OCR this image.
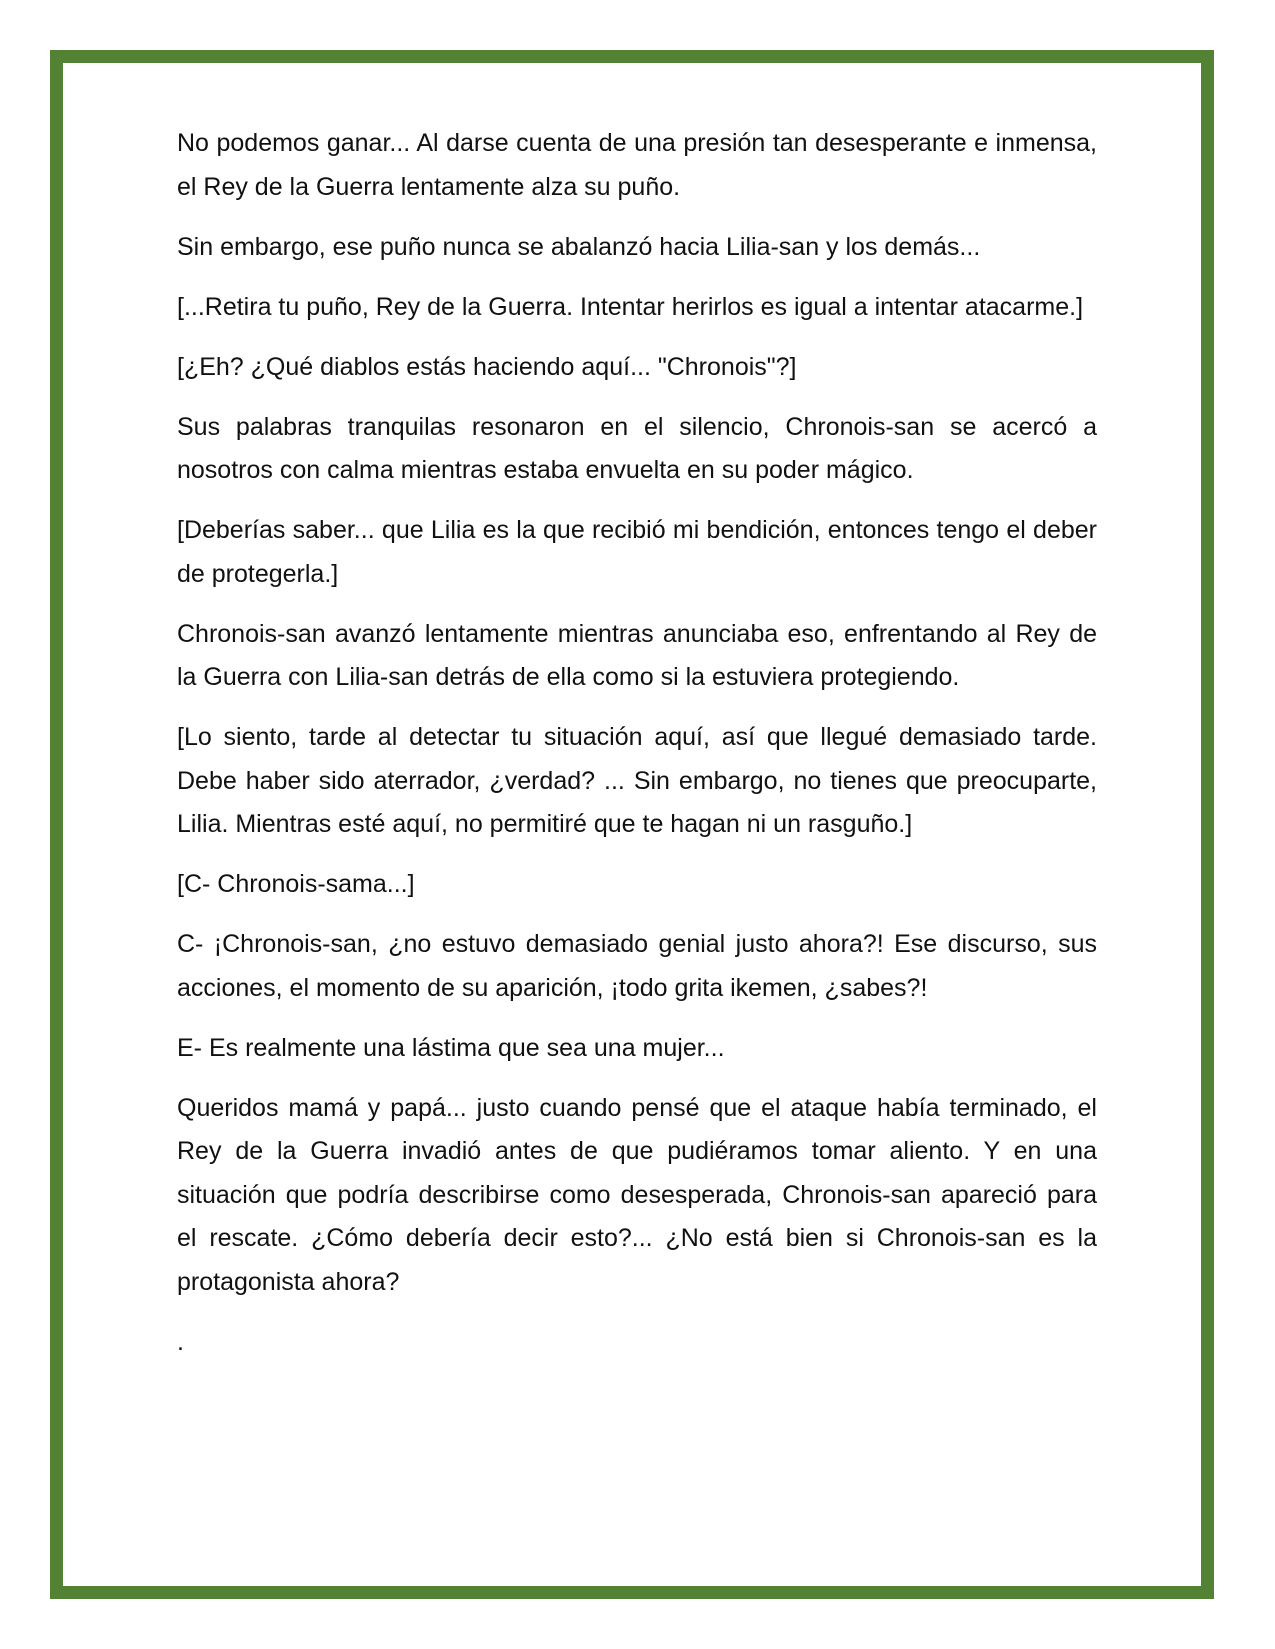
No podemos ganar... Al darse cuenta de una presión tan desesperante e inmensa, el Rey de la Guerra lentamente alza su puño.

Sin embargo, ese puño nunca se abalanzó hacia Lilia-san y los demás...

[...Retira tu puño, Rey de la Guerra. Intentar herirlos es igual a intentar atacarme.]

[¿Eh? ¿Qué diablos estás haciendo aquí... "Chronois"?]

Sus palabras tranquilas resonaron en el silencio, Chronois-san se acercó a nosotros con calma mientras estaba envuelta en su poder mágico.

[Deberías saber... que Lilia es la que recibió mi bendición, entonces tengo el deber de protegerla.]

Chronois-san avanzó lentamente mientras anunciaba eso, enfrentando al Rey de la Guerra con Lilia-san detrás de ella como si la estuviera protegiendo.

[Lo siento, tarde al detectar tu situación aquí, así que llegué demasiado tarde. Debe haber sido aterrador, ¿verdad? ... Sin embargo, no tienes que preocuparte, Lilia. Mientras esté aquí, no permitiré que te hagan ni un rasguño.]

[C- Chronois-sama...]

C- ¡Chronois-san, ¿no estuvo demasiado genial justo ahora?! Ese discurso, sus acciones, el momento de su aparición, ¡todo grita ikemen, ¿sabes?!

E- Es realmente una lástima que sea una mujer...

Queridos mamá y papá... justo cuando pensé que el ataque había terminado, el Rey de la Guerra invadió antes de que pudiéramos tomar aliento. Y en una situación que podría describirse como desesperada, Chronois-san apareció para el rescate. ¿Cómo debería decir esto?... ¿No está bien si Chronois-san es la protagonista ahora?

.
